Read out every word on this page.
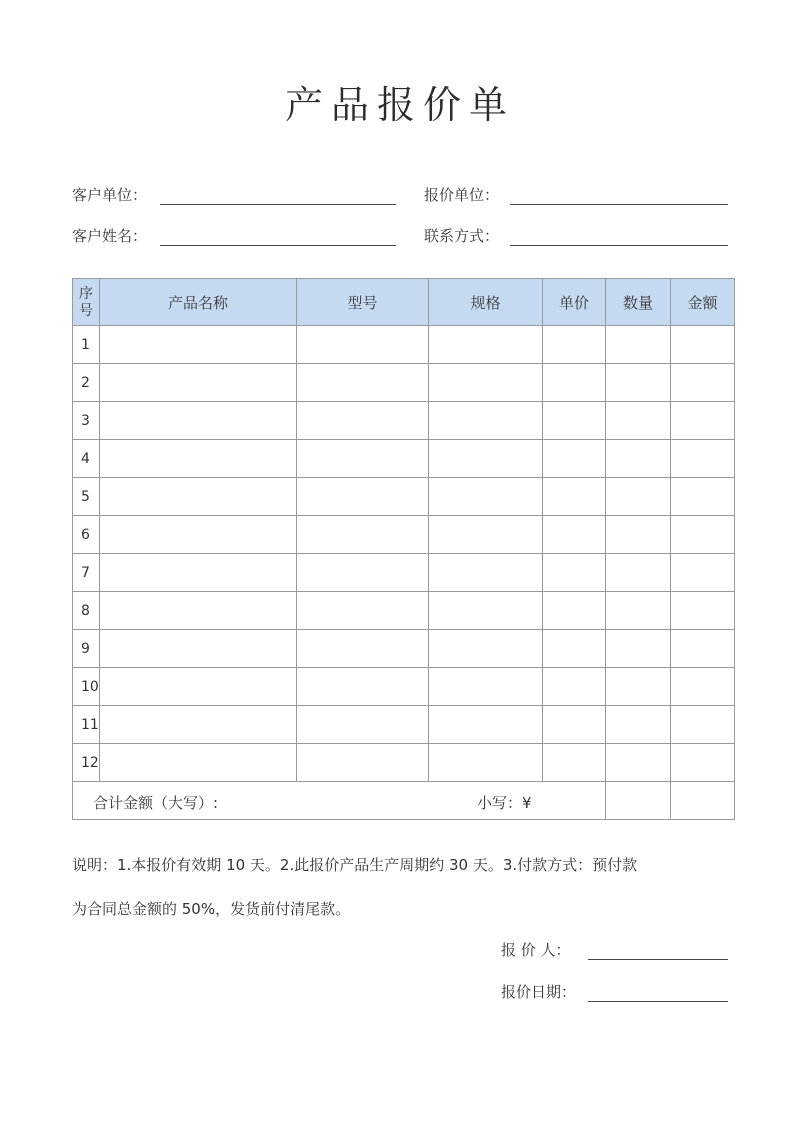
产品报价单
客户单位：	报价单位：
客户姓名：	联系方式：
序
号	产品名称	型号	规格	单价	数量	金额
1						
2						
3						
4						
5						
6						
7						
8						
9						
10						
11						
12						

合计金额（大写）: 小写：¥						

说明：1.本报价有效期 10 天。2.此报价产品生产周期约 30 天。3.付款方式：预付款
为合同总金额的 50%，发货前付清尾款。
报 价 人：
报价日期：
